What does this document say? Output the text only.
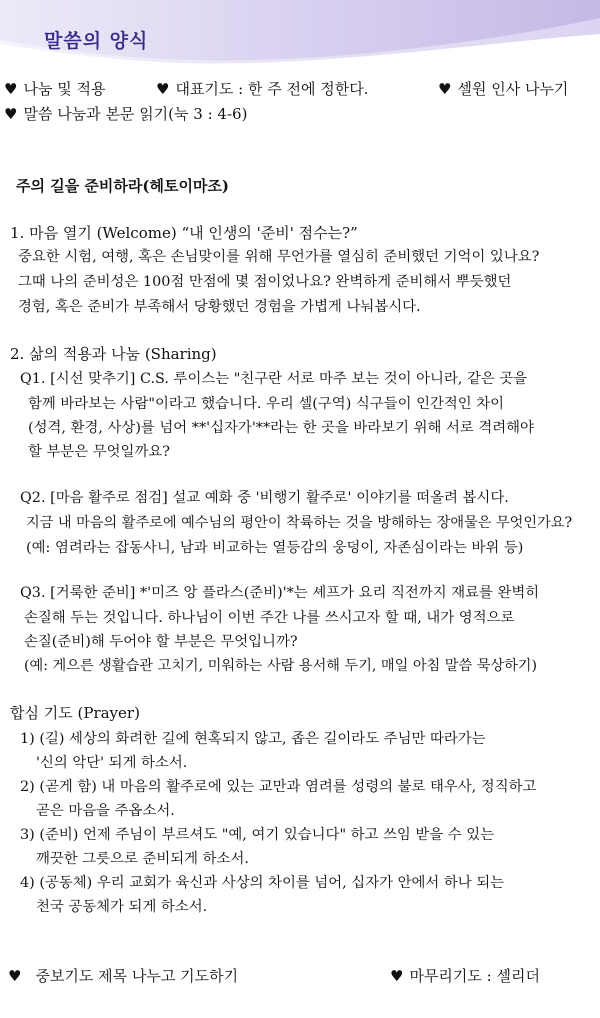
말씀의 양식
♥ 나눔 및 적용	♥ 대표기도 : 한 주 전에 정한다.	♥ 셀원 인사 나누기
♥ 말씀 나눔과 본문 읽기(눅 3 : 4-6)
주의 길을 준비하라(헤토이마조)
1. 마음 열기 (Welcome) “내 인생의 '준비' 점수는?”
중요한 시험, 여행, 혹은 손님맞이를 위해 무언가를 열심히 준비했던 기억이 있나요?
그때 나의 준비성은 100점 만점에 몇 점이었나요? 완벽하게 준비해서 뿌듯했던
경험, 혹은 준비가 부족해서 당황했던 경험을 가볍게 나눠봅시다.
2. 삶의 적용과 나눔 (Sharing)
Q1. [시선 맞추기] C.S. 루이스는 "친구란 서로 마주 보는 것이 아니라, 같은 곳을
함께 바라보는 사람"이라고 했습니다. 우리 셀(구역) 식구들이 인간적인 차이
(성격, 환경, 사상)를 넘어 **'십자가'**라는 한 곳을 바라보기 위해 서로 격려해야
할 부분은 무엇일까요?
Q2. [마음 활주로 점검] 설교 예화 중 '비행기 활주로' 이야기를 떠올려 봅시다.
지금 내 마음의 활주로에 예수님의 평안이 착륙하는 것을 방해하는 장애물은 무엇인가요?
(예: 염려라는 잡동사니, 남과 비교하는 열등감의 웅덩이, 자존심이라는 바위 등)
Q3. [거룩한 준비] *'미즈 앙 플라스(준비)'*는 셰프가 요리 직전까지 재료를 완벽히
손질해 두는 것입니다. 하나님이 이번 주간 나를 쓰시고자 할 때, 내가 영적으로
손질(준비)해 두어야 할 부분은 무엇입니까?
(예: 게으른 생활습관 고치기, 미워하는 사람 용서해 두기, 매일 아침 말씀 묵상하기)
합심 기도 (Prayer)
1) (길) 세상의 화려한 길에 현혹되지 않고, 좁은 길이라도 주님만 따라가는
'신의 악단' 되게 하소서.
2) (곧게 함) 내 마음의 활주로에 있는 교만과 염려를 성령의 불로 태우사, 정직하고
곧은 마음을 주옵소서.
3) (준비) 언제 주님이 부르셔도 "예, 여기 있습니다" 하고 쓰임 받을 수 있는
깨끗한 그릇으로 준비되게 하소서.
4) (공동체) 우리 교회가 육신과 사상의 차이를 넘어, 십자가 안에서 하나 되는
천국 공동체가 되게 하소서.
♥ 중보기도 제목 나누고 기도하기	♥ 마무리기도 : 셀리더
